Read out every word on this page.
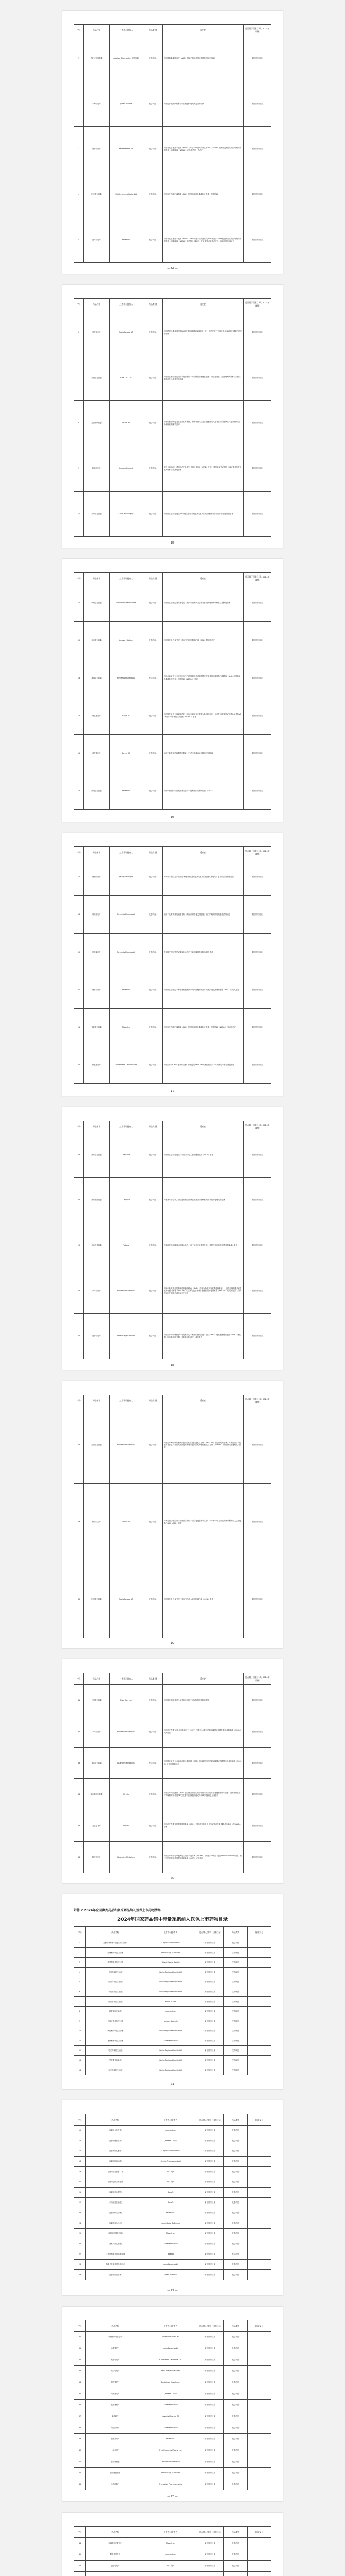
序号	药品名称	上市许可持有人	药品类别	适应症	是否属于国家目录 / 2024年谈判
1	恩扎卢胺软胶囊	Astellas Pharma Inc. 安斯泰来	化学药品	用于雄激素剥夺治疗（ADT）失败后的转移性去势抵抗性前列腺癌	属于国家目录
2	卡博替尼片	Ipsen Pharma	化学药品	用于局部晚期或转移性甲状腺髓样癌成人患者的治疗	属于国家目录
3	奥希替尼片	AstraZeneca AB	化学药品	用于表皮生长因子受体（EGFR）外显子19缺失或外显子21（L858R）置换突变阳性的局部晚期或转移性非小细胞肺癌（NSCLC）成人患者的一线治疗	属于国家目录
4	阿来替尼胶囊	F. Hoffmann-La Roche Ltd.	化学药品	用于间变性淋巴瘤激酶（ALK）阳性的局部晚期或转移性非小细胞肺癌	属于国家目录
5	达可替尼片	Pfizer Inc.	化学药品	用于表皮生长因子受体（EGFR）19号外显子缺失突变或21号外显子L858R置换突变的局部晚期或转移性非小细胞肺癌（NSCLC）患者的一线治疗，在接受先前化学治疗后，疾病进展时间较长	属于国家目录
— 14 —
序号	药品名称	上市许可持有人	药品类别	适应症	是否属于国家目录 / 2024年谈判
6	奥拉帕利片	AstraZeneca AB	化学药品	用于携带胚系或体细胞BRCA突变的晚期卵巢癌患者，在一线含铂化疗达到完全缓解或部分缓解后的维持治疗	属于国家目录
7	乐伐替尼胶囊	Eisai Co., Ltd.	化学药品	用于既往未接受过全身系统治疗的不可切除的肝细胞癌患者；用于进展性、局部晚期或转移性放射性碘难治性分化型甲状腺癌	属于国家目录
8	尼拉帕利胶囊	Tesaro Inc.	化学药品	用于铂敏感的复发性上皮性卵巢癌、输卵管癌或原发性腹膜癌成人患者在含铂化疗达到完全缓解或部分缓解后的维持治疗	属于国家目录
9	吡咯替尼片	Jiangsu Hengrui	化学药品	联合卡培他滨，适用于治疗表皮生长因子受体2（HER2）阳性、既往未接受或接受过曲妥珠单抗的复发或转移性乳腺癌患者	属于国家目录
10	安罗替尼胶囊	Chia Tai Tianqing	化学药品	用于既往至少接受过2种系统化疗后出现进展或复发的局部晚期或转移性非小细胞肺癌患者	属于国家目录
— 15 —
序号	药品名称	上市许可持有人	药品类别	适应症	是否属于国家目录 / 2024年谈判
11	呋喹替尼胶囊	Hutchison MediPharma	化学药品	用于既往接受过氟尿嘧啶类、奥沙利铂和伊立替康为基础的化疗的转移性结直肠癌患者	属于国家目录
12	伊布替尼胶囊	Janssen Biotech	化学药品	用于既往至少接受过一种治疗的套细胞淋巴瘤（MCL）患者的治疗	属于国家目录
13	塞瑞替尼胶囊	Novartis Pharma AG	化学药品	用于此前接受过克唑替尼治疗后进展的或者对克唑替尼不耐受的间变性淋巴瘤激酶（ALK）阳性局部晚期或转移性非小细胞肺癌（NSCLC）患者	属于国家目录
14	瑞戈非尼片	Bayer AG	化学药品	用于既往接受过以氟尿嘧啶、奥沙利铂和伊立替康为基础的化疗，以及既往接受过或不适合接受抗VEGF治疗的转移性结直肠癌（mCRC）患者	属于国家目录
15	索拉非尼片	Bayer AG	化学药品	治疗不能手术的晚期肾细胞癌；无法手术或远处转移的肝细胞癌	属于国家目录
16	舒尼替尼胶囊	Pfizer Inc.	化学药品	用于甲磺酸伊马替尼治疗失败或不能耐受的胃肠间质瘤（GIST）	属于国家目录
— 16 —
序号	药品名称	上市许可持有人	药品类别	适应症	是否属于国家目录 / 2024年谈判
17	阿帕替尼片	Jiangsu Hengrui	化学药品	单药用于既往至少接受过2种系统化疗后进展或复发的晚期胃腺癌或胃-食管结合部腺癌患者	属于国家目录
18	培唑帕尼片	Novartis Pharma AG	化学药品	适用于晚期肾细胞癌患者的一线治疗和曾接受细胞因子治疗的晚期肾细胞癌患者的治疗	属于国家目录
19	依维莫司片	Novartis Pharma AG	化学药品	既往接受舒尼替尼或索拉非尼治疗失败的晚期肾细胞癌成人患者	属于国家目录
20	阿昔替尼片	Pfizer Inc.	化学药品	用于既往接受过一种酪氨酸激酶抑制剂或细胞因子治疗失败的进展期肾细胞癌（RCC）的成人患者	属于国家目录
21	克唑替尼胶囊	Pfizer Inc.	化学药品	用于间变性淋巴瘤激酶（ALK）阳性的局部晚期或转移性非小细胞肺癌（NSCLC）患者的治疗	属于国家目录
22	维莫非尼片	F. Hoffmann-La Roche Ltd.	化学药品	用于治疗经CFDA批准的检测方法确定的BRAF V600突变阳性的不可切除或转移性黑色素瘤	属于国家目录
— 17 —
序号	药品名称	上市许可持有人	药品类别	适应症	是否属于国家目录 / 2024年谈判
23	泽布替尼胶囊	BeiGene	化学药品	用于既往至少接受过一种治疗的成人套细胞淋巴瘤（MCL）患者	属于国家目录
24	来那度胺胶囊	Celgene	化学药品	与地塞米松合用，治疗此前未经治疗且不适合接受移植的多发性骨髓瘤成年患者	属于国家目录
25	伊沙佐米胶囊	Takeda	化学药品	与来那度胺和地塞米松联合用药，用于治疗已接受过至少一种既往治疗的多发性骨髓瘤成人患者	属于国家目录
26	芦可替尼片	Novartis Pharma AG	化学药品	用于中危或高危的原发性骨髓纤维化（PMF）（亦称为慢性特发性骨髓纤维化）、真性红细胞增多症继发的骨髓纤维化（PPV-MF）或原发性血小板增多症继发的骨髓纤维化（PET-MF）的成年患者，治疗疾病相关脾肿大或疾病相关症状	属于国家目录
27	达沙替尼片	Bristol-Myers Squibb	化学药品	用于治疗对甲磺酸伊马替尼耐药或不耐受的费城染色体阳性（Ph+）慢性髓细胞白血病（CML）慢性期、加速期和急变期（急粒变和急淋变）成年患者	属于国家目录
— 18 —
序号	药品名称	上市许可持有人	药品类别	适应症	是否属于国家目录 / 2024年谈判
28	尼洛替尼胶囊	Novartis Pharma AG	化学药品	用于治疗新诊断的费城染色体阳性的慢性髓性白血病（Ph+CML）慢性期成人患者；对既往治疗（包括伊马替尼）耐药或不耐受的费城染色体阳性的慢性髓性白血病（Ph+CML）慢性期或加速期成人患者	属于国家目录
29	维奈克拉片	AbbVie Inc.	化学药品	与阿扎胞苷联合用于治疗因合并症不适合接受强诱导化疗，或年龄75岁及以上的新诊断的成人急性髓系白血病（AML）患者	属于国家目录
30	阿可替尼胶囊	AstraZeneca AB	化学药品	用于既往至少接受过一种治疗的成人套细胞淋巴瘤（MCL）患者	属于国家目录
— 19 —
序号	药品名称	上市许可持有人	药品类别	适应症	是否属于国家目录 / 2024年谈判
31	仑伐替尼胶囊	Eisai Co., Ltd.	化学药品	用于既往未接受过全身系统治疗的不可切除的肝细胞癌患者	属于国家目录
32	卡马替尼片	Novartis Pharma AG	化学药品	用于治疗携带间质-上皮转化因子（MET）外显子14跳变的局部晚期或转移性非小细胞肺癌（NSCLC）成人患者	属于国家目录
33	普拉替尼胶囊	Blueprint Medicines	化学药品	用于既往接受过含铂化疗的转染重排（RET）基因融合阳性的局部晚期或转移性非小细胞肺癌（NSCLC）成人患者的治疗	属于国家目录
34	塞尔帕替尼胶囊	Eli Lilly	化学药品	用于治疗转染重排（RET）基因融合阳性的局部晚期或转移性非小细胞肺癌成人患者；需要系统性治疗的晚期或转移性RET突变型甲状腺髓样癌成人和12岁及以上儿童患者	属于国家目录
35	艾伏尼布片	Servier	化学药品	用于治疗携带异柠檬酸脱氢酶-1（IDH1）易感突变的成人复发或难治性急性髓系白血病（R/R AML）患者	属于国家目录
36	阿伐替尼片	Blueprint Medicines	化学药品	用于治疗携带血小板源性生长因子受体α（PDGFRA）外显子18突变（包括PDGFRA D842V突变）的不可切除或转移性胃肠道间质瘤（GIST）成人患者	属于国家目录
— 20 —
附件 2 2024年全国谈判药品和集采药品纳入医保上市药物清单
2024年国家药品集中带量采购纳入医保上市药物目录
序号	药品名称	上市许可持有人	是否纳入集采 / 国家目录	药品类别	批准文号
1	注射用紫杉醇（白蛋白结合型）	Celgene Corporation	属于国家目录	化学药品	
2	帕博利珠单抗注射液	Merck Sharp & Dohme	属于国家目录	生物制品	
3	纳武利尤单抗注射液	Bristol-Myers Squibb	属于国家目录	生物制品	
4	贝伐珠单抗注射液	Roche Registration GmbH	属于国家目录	生物制品	
5	曲妥珠单抗注射液	Roche Registration GmbH	属于国家目录	生物制品	
6	利妥昔单抗注射液	Roche Registration GmbH	属于国家目录	生物制品	
7	西妥昔单抗注射液	Merck KGaA	属于国家目录	生物制品	
8	地舒单抗注射液	Amgen Inc.	属于国家目录	生物制品	
9	达雷妥尤单抗注射液	Janssen Biotech	属于国家目录	生物制品	
10	阿替利珠单抗注射液	Roche Registration GmbH	属于国家目录	生物制品	
11	度伐利尤单抗注射液	AstraZeneca AB	属于国家目录	生物制品	
12	帕妥珠单抗注射液	Roche Registration GmbH	属于国家目录	生物制品	
13	恩美曲妥珠单抗	Roche Registration GmbH	属于国家目录	生物制品	
14	奥妥珠单抗注射液	Roche Registration GmbH	属于国家目录	生物制品	
— 21 —
序号	药品名称	上市许可持有人	是否纳入集采 / 国家目录	药品类别	批准文号
15	注射用卡非佐米	Amgen Inc.	属于国家目录	化学药品	
16	注射用硼替佐米	Janssen-Cilag	属于国家目录	化学药品	
17	注射用阿扎胞苷	Celgene Corporation	属于国家目录	化学药品	
18	注射用地西他滨	Otsuka Pharmaceutical	属于国家目录	化学药品	
19	注射用培美曲塞二钠	Eli Lilly	属于国家目录	化学药品	
20	注射用盐酸吉西他滨	Eli Lilly	属于国家目录	化学药品	
21	注射用奥沙利铂	Sanofi	属于国家目录	化学药品	
22	多西他赛注射液	Sanofi	属于国家目录	化学药品	
23	注射用伊立替康	Pfizer Inc.	属于国家目录	化学药品	
24	注射用福沙匹坦	Merck Sharp & Dohme	属于国家目录	化学药品	
25	注射用帕瑞昔布钠	Pfizer Inc.	属于国家目录	化学药品	
26	氟维司群注射液	AstraZeneca AB	属于国家目录	化学药品	
27	注射用醋酸亮丙瑞林微球	Takeda	属于国家目录	化学药品	
28	醋酸戈舍瑞林缓释植入剂	AstraZeneca AB	属于国家目录	化学药品	
29	注射用曲普瑞林	Ipsen Pharma	属于国家目录	化学药品	
— 22 —
序号	药品名称	上市许可持有人	是否纳入集采 / 国家目录	药品类别	批准文号
30	甲磺酸伊马替尼片	Novartis Pharma AG	属于国家目录	化学药品	
31	吉非替尼片	AstraZeneca AB	属于国家目录	化学药品	
32	厄洛替尼片	F. Hoffmann-La Roche Ltd.	属于国家目录	化学药品	
33	埃克替尼片	Betta Pharmaceuticals	属于国家目录	化学药品	
34	阿法替尼片	Boehringer Ingelheim	属于国家目录	化学药品	
35	阿比特龙片	Janssen-Cilag	属于国家目录	化学药品	
36	比卡鲁胺片	AstraZeneca AB	属于国家目录	化学药品	
37	来曲唑片	Novartis Pharma AG	属于国家目录	化学药品	
38	阿那曲唑片	AstraZeneca AB	属于国家目录	化学药品	
39	依西美坦片	Pfizer Inc.	属于国家目录	化学药品	
40	卡培他滨片	F. Hoffmann-La Roche Ltd.	属于国家目录	化学药品	
41	替吉奥胶囊	Taiho Pharmaceutical	属于国家目录	化学药品	
42	替莫唑胺胶囊	Merck Sharp & Dohme	属于国家目录	化学药品	
43	沙利度胺片	Changzhou Pharmaceutical	属于国家目录	化学药品	
— 23 —
序号	药品名称	上市许可持有人	是否纳入集采 / 国家目录	药品类别	批准文号
44	枸橼酸托法替布片	Pfizer Inc.	属于国家目录	化学药品	
45	阿普米司特片	Amgen Inc.	属于国家目录	化学药品	
46	巴瑞替尼片	Eli Lilly	属于国家目录	化学药品	
